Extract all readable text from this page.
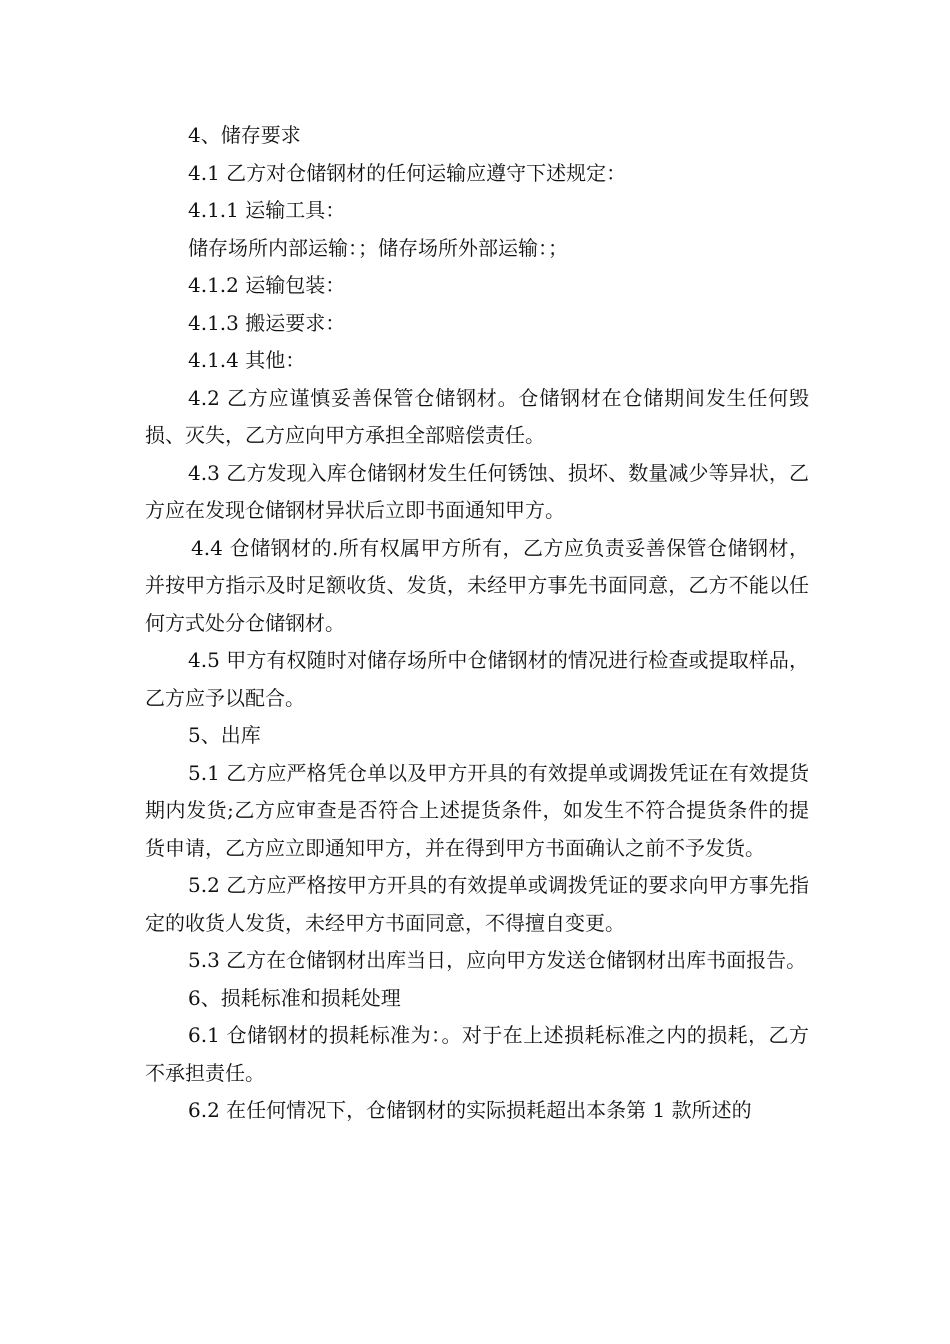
4、储存要求

4.1 乙方对仓储钢材的任何运输应遵守下述规定：

4.1.1 运输工具：

储存场所内部运输：；储存场所外部运输：；

4.1.2 运输包装：

4.1.3 搬运要求：

4.1.4 其他：

4.2 乙方应谨慎妥善保管仓储钢材。仓储钢材在仓储期间发生任何毁损、灭失，乙方应向甲方承担全部赔偿责任。

4.3 乙方发现入库仓储钢材发生任何锈蚀、损坏、数量减少等异状，乙方应在发现仓储钢材异状后立即书面通知甲方。

4.4 仓储钢材的.所有权属甲方所有，乙方应负责妥善保管仓储钢材，并按甲方指示及时足额收货、发货，未经甲方事先书面同意，乙方不能以任何方式处分仓储钢材。

4.5 甲方有权随时对储存场所中仓储钢材的情况进行检查或提取样品，乙方应予以配合。

5、出库

5.1 乙方应严格凭仓单以及甲方开具的有效提单或调拨凭证在有效提货期内发货;乙方应审查是否符合上述提货条件，如发生不符合提货条件的提货申请，乙方应立即通知甲方，并在得到甲方书面确认之前不予发货。

5.2 乙方应严格按甲方开具的有效提单或调拨凭证的要求向甲方事先指定的收货人发货，未经甲方书面同意，不得擅自变更。

5.3 乙方在仓储钢材出库当日，应向甲方发送仓储钢材出库书面报告。

6、损耗标准和损耗处理

6.1 仓储钢材的损耗标准为：。对于在上述损耗标准之内的损耗，乙方不承担责任。

6.2 在任何情况下，仓储钢材的实际损耗超出本条第 1 款所述的
